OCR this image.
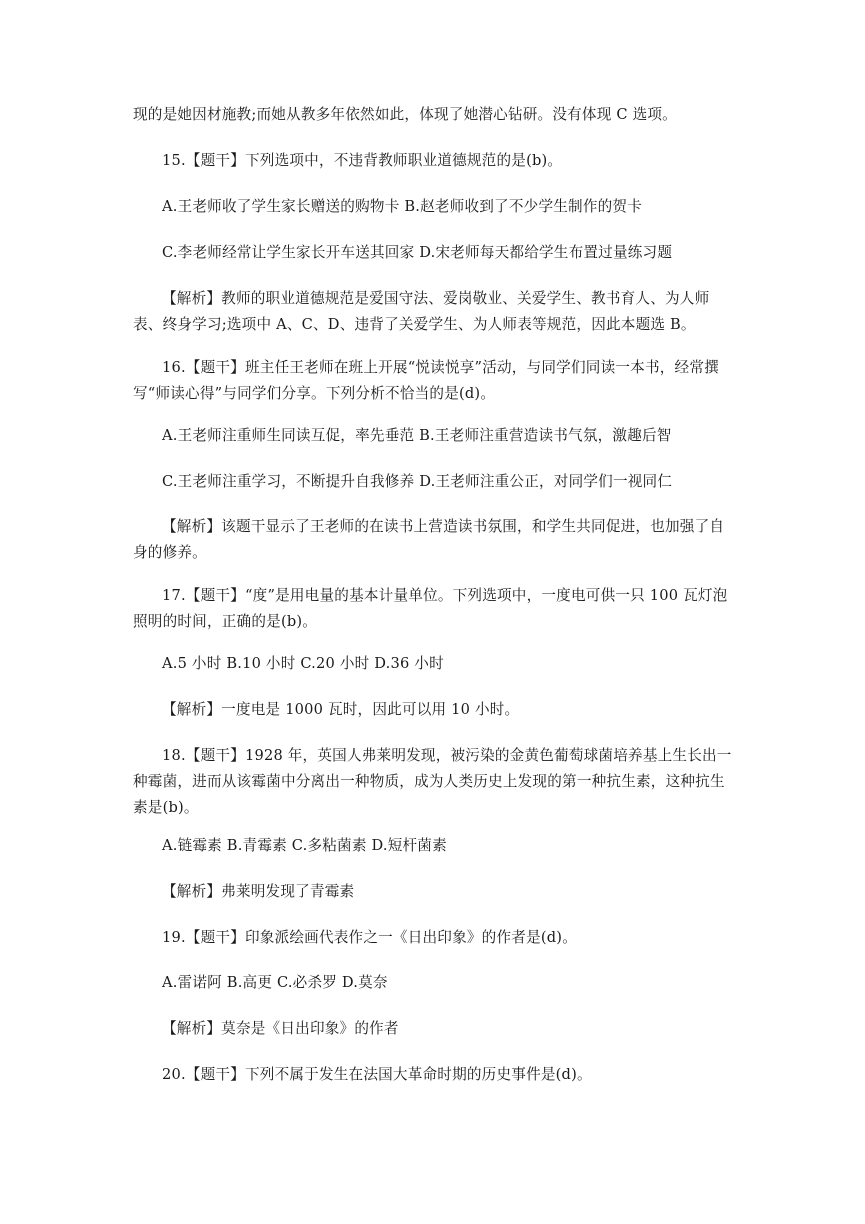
现的是她因材施教;而她从教多年依然如此，体现了她潜心钻研。没有体现 C 选项。
15.【题干】下列选项中，不违背教师职业道德规范的是(b)。
A.王老师收了学生家长赠送的购物卡 B.赵老师收到了不少学生制作的贺卡
C.李老师经常让学生家长开车送其回家 D.宋老师每天都给学生布置过量练习题
【解析】教师的职业道德规范是爱国守法、爱岗敬业、关爱学生、教书育人、为人师表、终身学习;选项中 A、C、D、违背了关爱学生、为人师表等规范，因此本题选 B。
16.【题干】班主任王老师在班上开展“悦读悦享”活动，与同学们同读一本书，经常撰写“师读心得”与同学们分享。下列分析不恰当的是(d)。
A.王老师注重师生同读互促，率先垂范 B.王老师注重营造读书气氛，激趣后智
C.王老师注重学习，不断提升自我修养 D.王老师注重公正，对同学们一视同仁
【解析】该题干显示了王老师的在读书上营造读书氛围，和学生共同促进，也加强了自身的修养。
17.【题干】“度”是用电量的基本计量单位。下列选项中，一度电可供一只 100 瓦灯泡照明的时间，正确的是(b)。
A.5 小时 B.10 小时 C.20 小时 D.36 小时
【解析】一度电是 1000 瓦时，因此可以用 10 小时。
18.【题干】1928 年，英国人弗莱明发现，被污染的金黄色葡萄球菌培养基上生长出一种霉菌，进而从该霉菌中分离出一种物质，成为人类历史上发现的第一种抗生素，这种抗生素是(b)。
A.链霉素 B.青霉素 C.多粘菌素 D.短杆菌素
【解析】弗莱明发现了青霉素
19.【题干】印象派绘画代表作之一《日出印象》的作者是(d)。
A.雷诺阿 B.高更 C.必杀罗 D.莫奈
【解析】莫奈是《日出印象》的作者
20.【题干】下列不属于发生在法国大革命时期的历史事件是(d)。
